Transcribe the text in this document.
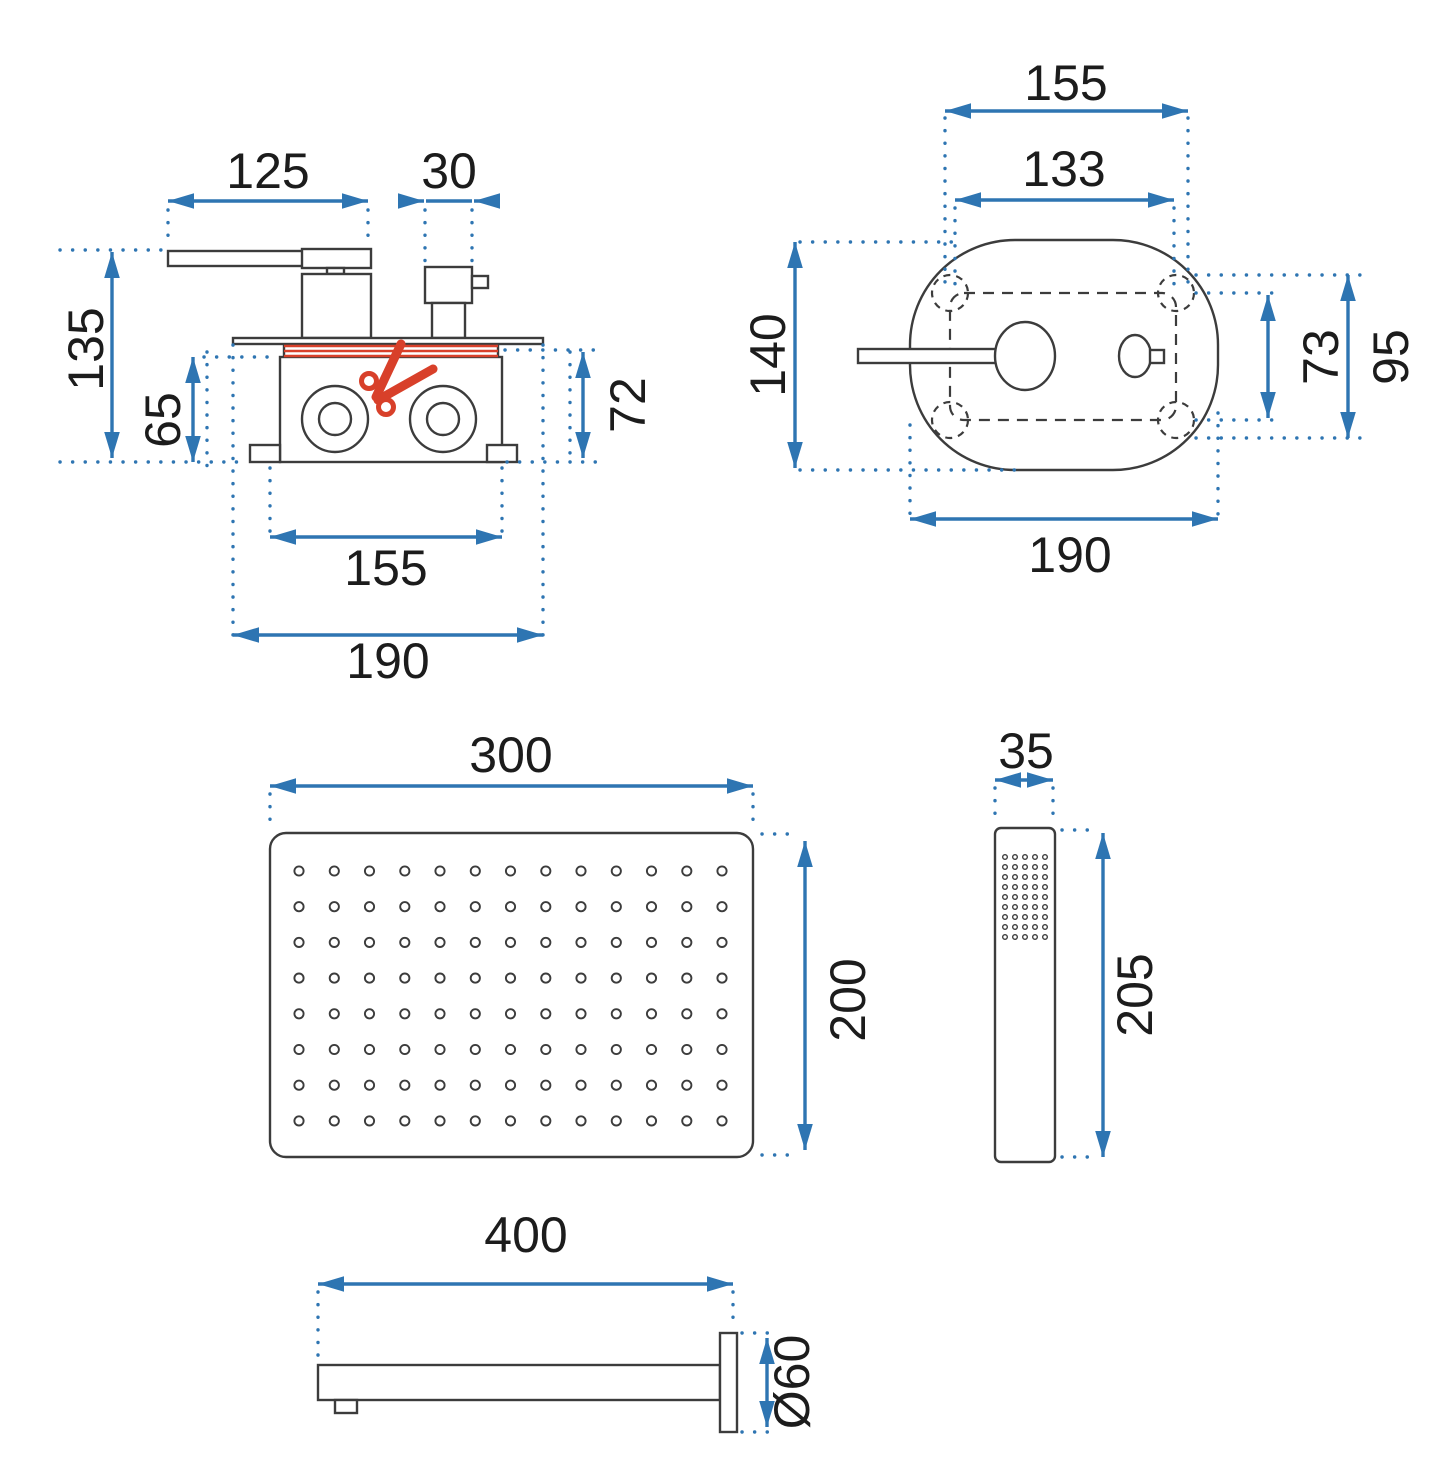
125 30
135
65	72
155
190
155
133
140	73 95
190
300
200
35
205
400
Ø60
